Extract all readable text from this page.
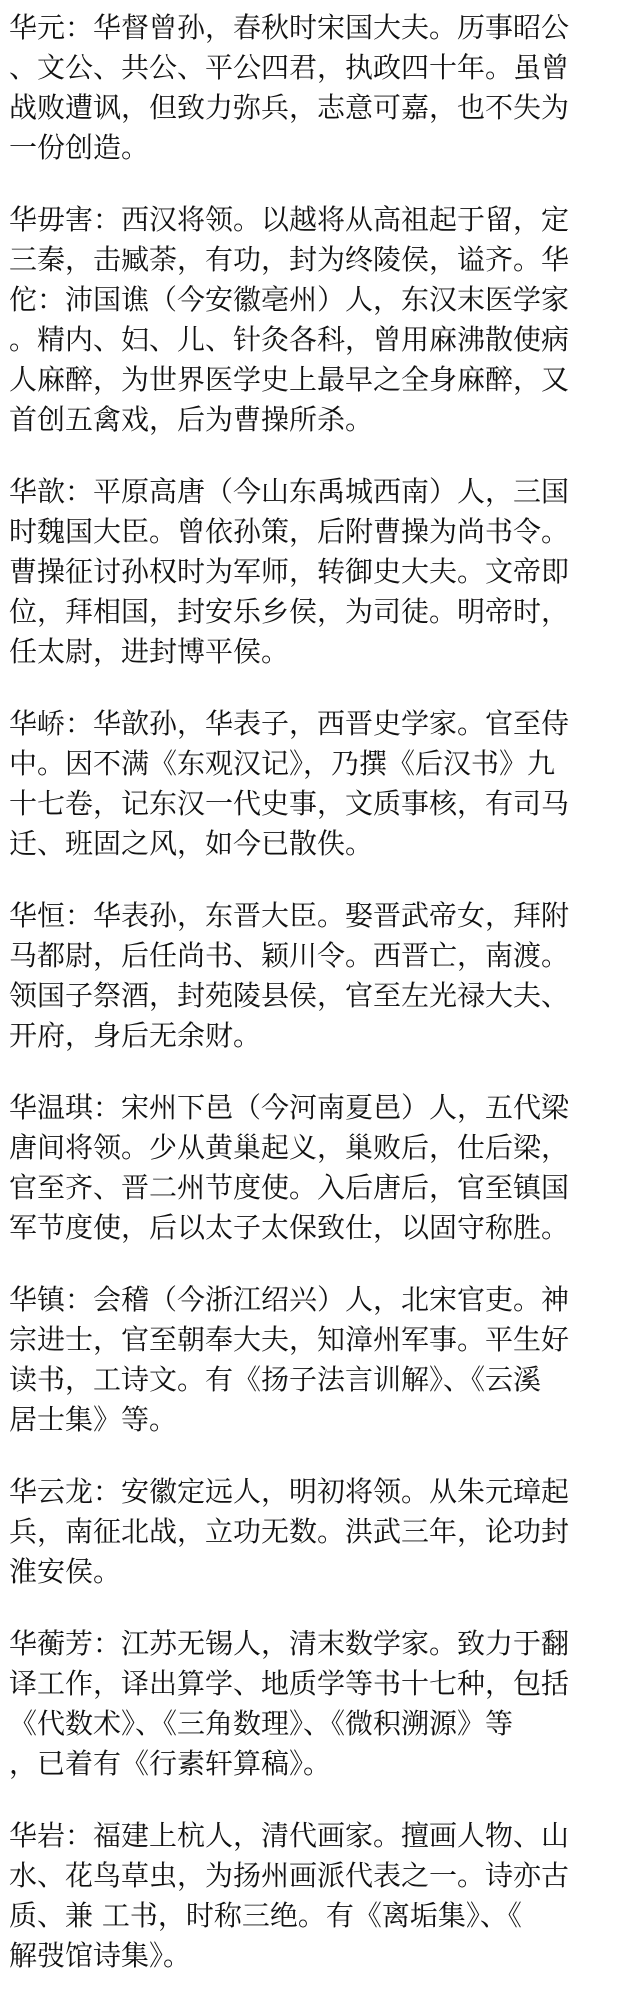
华元：华督曾孙，春秋时宋国大夫。历事昭公
、文公、共公、平公四君，执政四十年。虽曾
战败遭讽，但致力弥兵，志意可嘉，也不失为
一份创造。
华毋害：西汉将领。以越将从高祖起于留，定
三秦，击臧荼，有功，封为终陵侯，谥齐。华
佗：沛国谯（今安徽亳州）人，东汉末医学家
。精内、妇、儿、针灸各科，曾用麻沸散使病
人麻醉，为世界医学史上最早之全身麻醉，又
首创五禽戏，后为曹操所杀。
华歆：平原高唐（今山东禹城西南）人，三国
时魏国大臣。曾依孙策，后附曹操为尚书令。
曹操征讨孙权时为军师，转御史大夫。文帝即
位，拜相国，封安乐乡侯，为司徒。明帝时，
任太尉，进封博平侯。
华峤：华歆孙，华表子，西晋史学家。官至侍
中。因不满《东观汉记》，乃撰《后汉书》九
十七卷，记东汉一代史事，文质事核，有司马
迁、班固之风，如今已散佚。
华恒：华表孙，东晋大臣。娶晋武帝女，拜附
马都尉，后任尚书、颖川令。西晋亡，南渡。
领国子祭酒，封苑陵县侯，官至左光禄大夫、
开府，身后无余财。
华温琪：宋州下邑（今河南夏邑）人，五代梁
唐间将领。少从黄巢起义，巢败后，仕后梁，
官至齐、晋二州节度使。入后唐后，官至镇国
军节度使，后以太子太保致仕，以固守称胜。
华镇：会稽（今浙江绍兴）人，北宋官吏。神
宗进士，官至朝奉大夫，知漳州军事。平生好
读书，工诗文。有《扬子法言训解》、《云溪
居士集》等。
华云龙：安徽定远人，明初将领。从朱元璋起
兵，南征北战，立功无数。洪武三年，论功封
淮安侯。
华蘅芳：江苏无锡人，清末数学家。致力于翻
译工作，译出算学、地质学等书十七种，包括
《代数术》、《三角数理》、《微积溯源》等
，已着有《行素轩算稿》。
华岩：福建上杭人，清代画家。擅画人物、山
水、花鸟草虫，为扬州画派代表之一。诗亦古
质、兼 工书，时称三绝。有《离垢集》、《
解弢馆诗集》。
